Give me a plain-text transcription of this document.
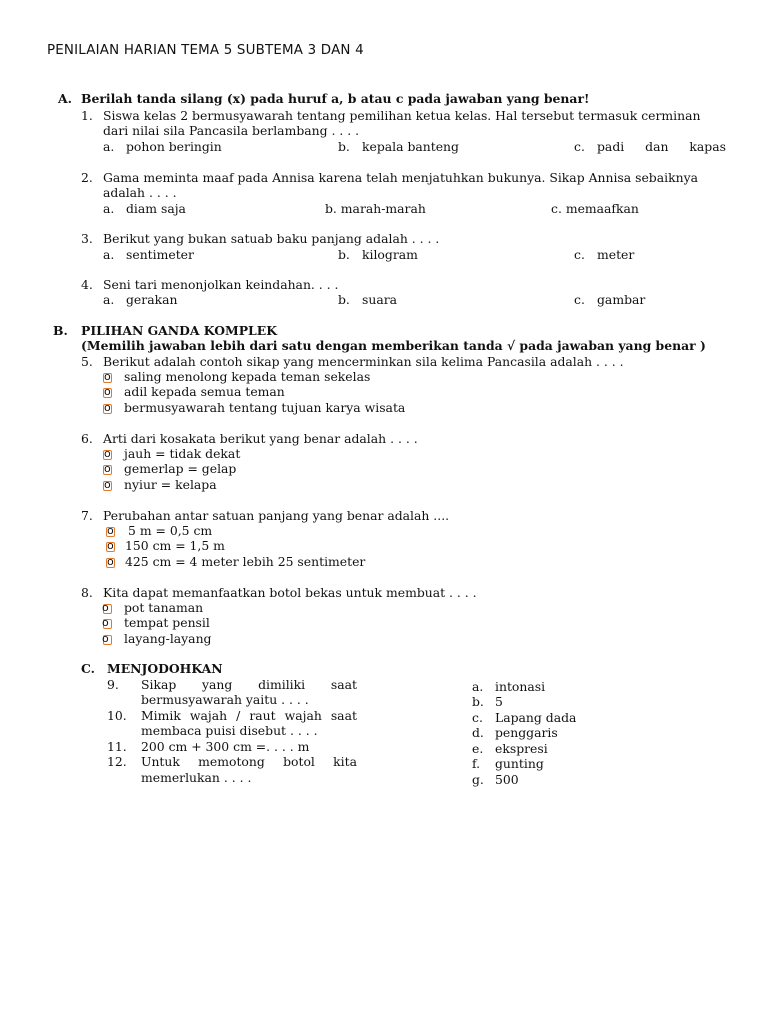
PENILAIAN HARIAN TEMA 5 SUBTEMA 3 DAN 4
A. Berilah tanda silang (x) pada huruf a, b atau c pada jawaban yang benar!
1. Siswa kelas 2 bermusyawarah tentang pemilihan ketua kelas. Hal tersebut termasuk cerminan
dari nilai sila Pancasila berlambang . . . .
a. pohon beringin	b. kepala banteng	c. padi dan kapas
2. Gama meminta maaf pada Annisa karena telah menjatuhkan bukunya. Sikap Annisa sebaiknya
adalah . . . .
a. diam saja	b. marah-marah	c. memaafkan
3. Berikut yang bukan satuab baku panjang adalah . . . .
a. sentimeter	b. kilogram	c. meter
4. Seni tari menonjolkan keindahan. . . .
a. gerakan	b. suara	c. gambar
B. PILIHAN GANDA KOMPLEK
(Memilih jawaban lebih dari satu dengan memberikan tanda √ pada jawaban yang benar )
5. Berikut adalah contoh sikap yang mencerminkan sila kelima Pancasila adalah . . . .
o saling menolong kepada teman sekelas
o adil kepada semua teman
o bermusyawarah tentang tujuan karya wisata
6. Arti dari kosakata berikut yang benar adalah . . . .
o jauh = tidak dekat
o gemerlap = gelap
o nyiur = kelapa
7. Perubahan antar satuan panjang yang benar adalah ....
o 5 m = 0,5 cm
o 150 cm = 1,5 m
o 425 cm = 4 meter lebih 25 sentimeter
8. Kita dapat memanfaatkan botol bekas untuk membuat . . . .
o pot tanaman
o tempat pensil
o layang-layang
C. MENJODOHKAN
9. Sikap yang dimiliki saat
bermusyawarah yaitu . . . .
10. Mimik wajah / raut wajah saat
membaca puisi disebut . . . .
11. 200 cm + 300 cm =. . . . m
12. Untuk memotong botol kita
memerlukan . . . .
a. intonasi
b. 5
c. Lapang dada
d. penggaris
e. ekspresi
f. gunting
g. 500
